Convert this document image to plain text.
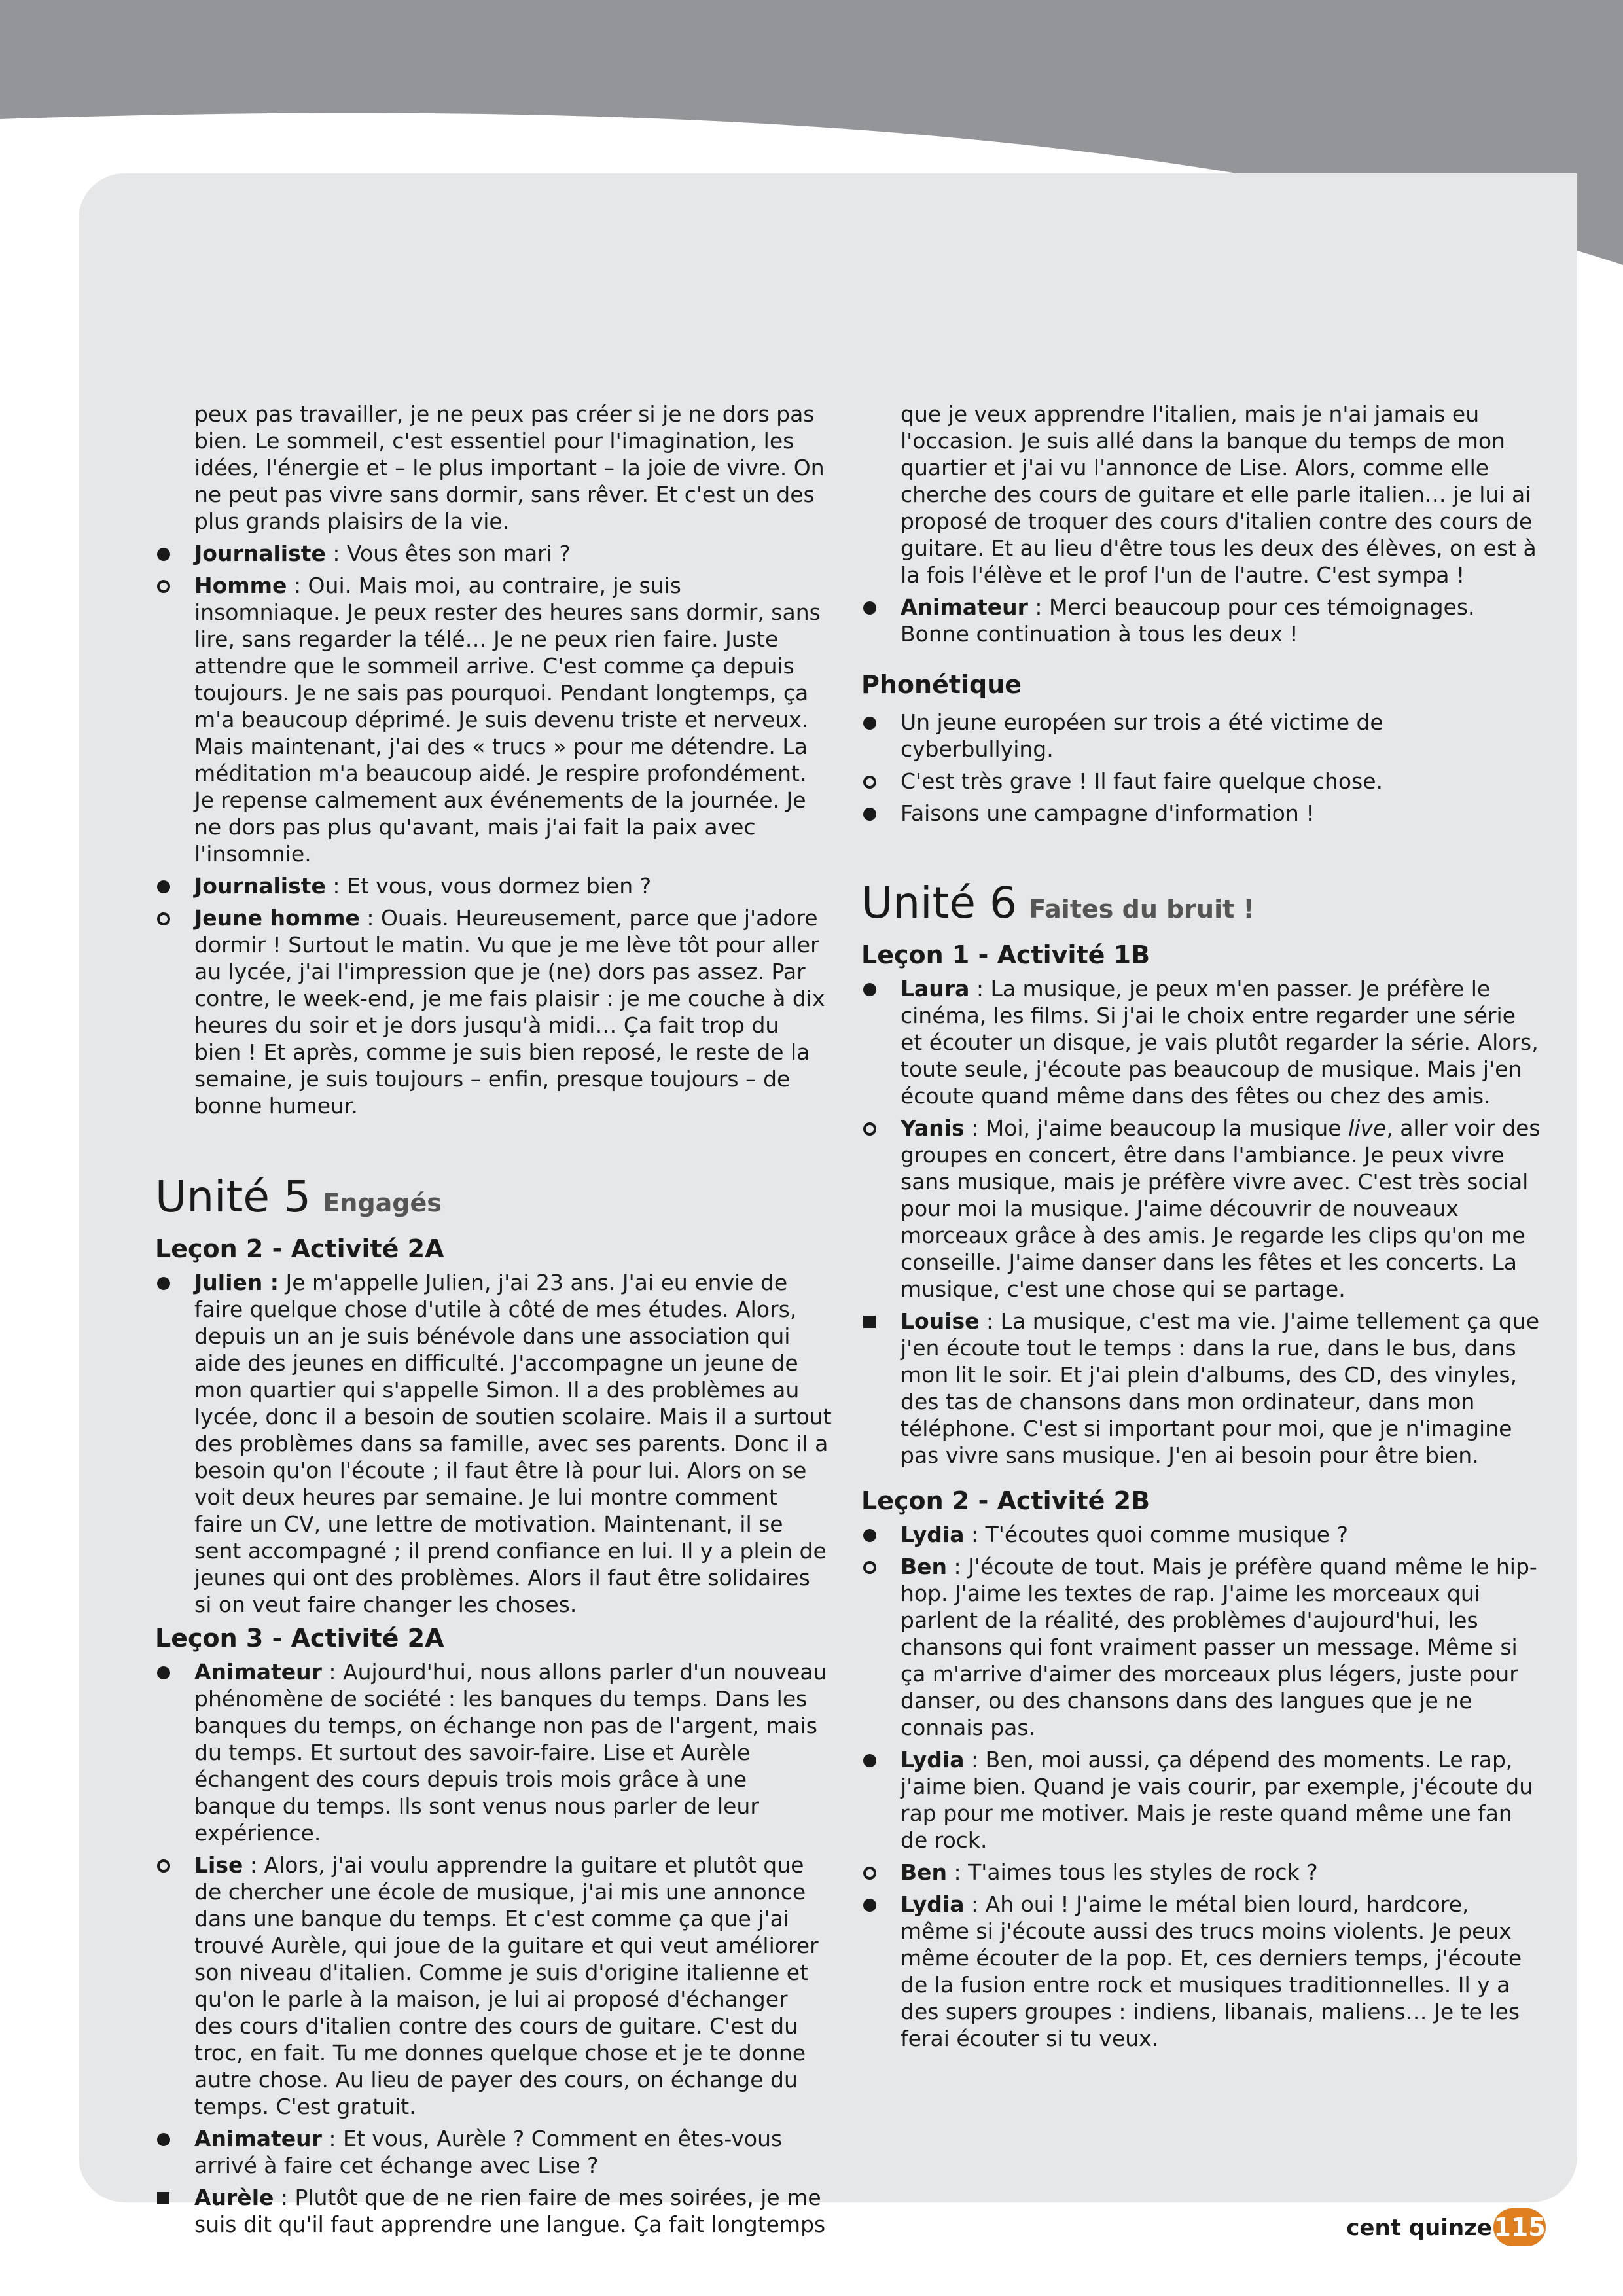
peux pas travailler, je ne peux pas créer si je ne dors pas bien. Le sommeil, c'est essentiel pour l'imagination, les idées, l'énergie et – le plus important – la joie de vivre. On ne peut pas vivre sans dormir, sans rêver. Et c'est un des plus grands plaisirs de la vie.

Journaliste : Vous êtes son mari ?
Homme : Oui. Mais moi, au contraire, je suis insomniaque. Je peux rester des heures sans dormir, sans lire, sans regarder la télé… Je ne peux rien faire. Juste attendre que le sommeil arrive. C'est comme ça depuis toujours. Je ne sais pas pourquoi. Pendant longtemps, ça m'a beaucoup déprimé. Je suis devenu triste et nerveux. Mais maintenant, j'ai des « trucs » pour me détendre. La méditation m'a beaucoup aidé. Je respire profondément. Je repense calmement aux événements de la journée. Je ne dors pas plus qu'avant, mais j'ai fait la paix avec l'insomnie.
Journaliste : Et vous, vous dormez bien ?
Jeune homme : Ouais. Heureusement, parce que j'adore dormir ! Surtout le matin. Vu que je me lève tôt pour aller au lycée, j'ai l'impression que je (ne) dors pas assez. Par contre, le week-end, je me fais plaisir : je me couche à dix heures du soir et je dors jusqu'à midi… Ça fait trop du bien ! Et après, comme je suis bien reposé, le reste de la semaine, je suis toujours – enfin, presque toujours – de bonne humeur.
Unité 5 Engagés
Leçon 2 - Activité 2A
Julien : Je m'appelle Julien, j'ai 23 ans. J'ai eu envie de faire quelque chose d'utile à côté de mes études. Alors, depuis un an je suis bénévole dans une association qui aide des jeunes en difficulté. J'accompagne un jeune de mon quartier qui s'appelle Simon. Il a des problèmes au lycée, donc il a besoin de soutien scolaire. Mais il a surtout des problèmes dans sa famille, avec ses parents. Donc il a besoin qu'on l'écoute ; il faut être là pour lui. Alors on se voit deux heures par semaine. Je lui montre comment faire un CV, une lettre de motivation. Maintenant, il se sent accompagné ; il prend confiance en lui. Il y a plein de jeunes qui ont des problèmes. Alors il faut être solidaires si on veut faire changer les choses.
Leçon 3 - Activité 2A
Animateur : Aujourd'hui, nous allons parler d'un nouveau phénomène de société : les banques du temps. Dans les banques du temps, on échange non pas de l'argent, mais du temps. Et surtout des savoir-faire. Lise et Aurèle échangent des cours depuis trois mois grâce à une banque du temps. Ils sont venus nous parler de leur expérience.
Lise : Alors, j'ai voulu apprendre la guitare et plutôt que de chercher une école de musique, j'ai mis une annonce dans une banque du temps. Et c'est comme ça que j'ai trouvé Aurèle, qui joue de la guitare et qui veut améliorer son niveau d'italien. Comme je suis d'origine italienne et qu'on le parle à la maison, je lui ai proposé d'échanger des cours d'italien contre des cours de guitare. C'est du troc, en fait. Tu me donnes quelque chose et je te donne autre chose. Au lieu de payer des cours, on échange du temps. C'est gratuit.
Animateur : Et vous, Aurèle ? Comment en êtes-vous arrivé à faire cet échange avec Lise ?
Aurèle : Plutôt que de ne rien faire de mes soirées, je me suis dit qu'il faut apprendre une langue. Ça fait longtemps

que je veux apprendre l'italien, mais je n'ai jamais eu l'occasion. Je suis allé dans la banque du temps de mon quartier et j'ai vu l'annonce de Lise. Alors, comme elle cherche des cours de guitare et elle parle italien… je lui ai proposé de troquer des cours d'italien contre des cours de guitare. Et au lieu d'être tous les deux des élèves, on est à la fois l'élève et le prof l'un de l'autre. C'est sympa !

Animateur : Merci beaucoup pour ces témoignages. Bonne continuation à tous les deux !
Phonétique
Un jeune européen sur trois a été victime de cyberbullying.
C'est très grave ! Il faut faire quelque chose.
Faisons une campagne d'information !
Unité 6 Faites du bruit !
Leçon 1 - Activité 1B
Laura : La musique, je peux m'en passer. Je préfère le cinéma, les films. Si j'ai le choix entre regarder une série et écouter un disque, je vais plutôt regarder la série. Alors, toute seule, j'écoute pas beaucoup de musique. Mais j'en écoute quand même dans des fêtes ou chez des amis.
Yanis : Moi, j'aime beaucoup la musique live, aller voir des groupes en concert, être dans l'ambiance. Je peux vivre sans musique, mais je préfère vivre avec. C'est très social pour moi la musique. J'aime découvrir de nouveaux morceaux grâce à des amis. Je regarde les clips qu'on me conseille. J'aime danser dans les fêtes et les concerts. La musique, c'est une chose qui se partage.
Louise : La musique, c'est ma vie. J'aime tellement ça que j'en écoute tout le temps : dans la rue, dans le bus, dans mon lit le soir. Et j'ai plein d'albums, des CD, des vinyles, des tas de chansons dans mon ordinateur, dans mon téléphone. C'est si important pour moi, que je n'imagine pas vivre sans musique. J'en ai besoin pour être bien.
Leçon 2 - Activité 2B
Lydia : T'écoutes quoi comme musique ?
Ben : J'écoute de tout. Mais je préfère quand même le hip-hop. J'aime les textes de rap. J'aime les morceaux qui parlent de la réalité, des problèmes d'aujourd'hui, les chansons qui font vraiment passer un message. Même si ça m'arrive d'aimer des morceaux plus légers, juste pour danser, ou des chansons dans des langues que je ne connais pas.
Lydia : Ben, moi aussi, ça dépend des moments. Le rap, j'aime bien. Quand je vais courir, par exemple, j'écoute du rap pour me motiver. Mais je reste quand même une fan de rock.
Ben : T'aimes tous les styles de rock ?
Lydia : Ah oui ! J'aime le métal bien lourd, hardcore, même si j'écoute aussi des trucs moins violents. Je peux même écouter de la pop. Et, ces derniers temps, j'écoute de la fusion entre rock et musiques traditionnelles. Il y a des supers groupes : indiens, libanais, maliens… Je te les ferai écouter si tu veux.
cent quinze 115
